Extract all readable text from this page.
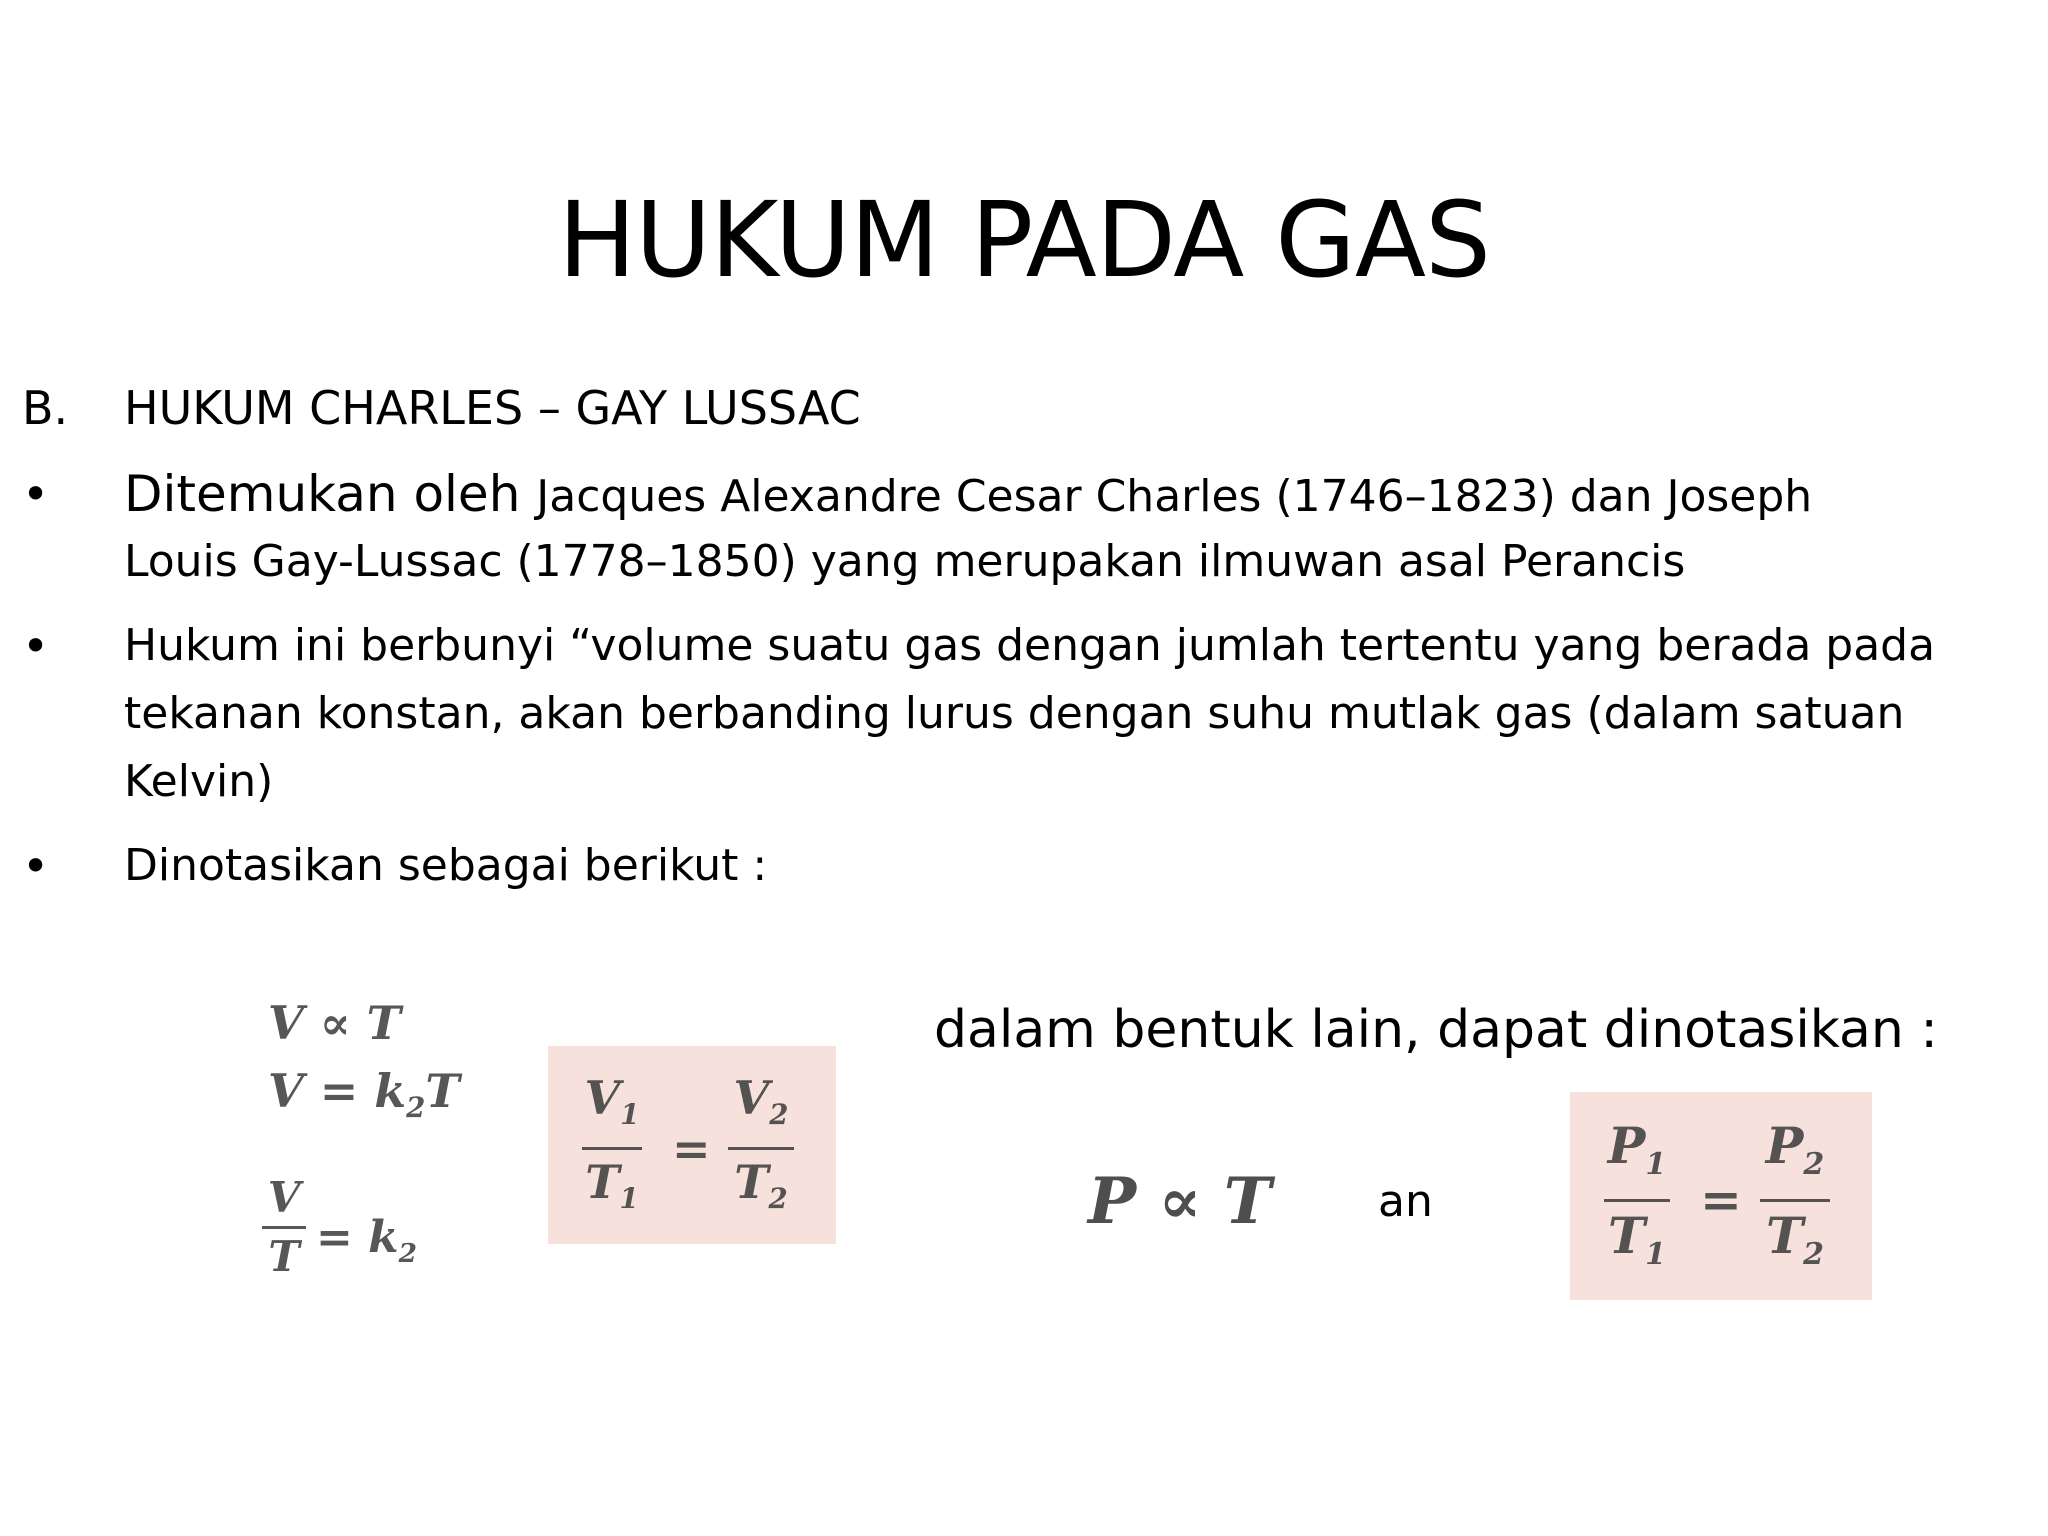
HUKUM PADA GAS
B. HUKUM CHARLES – GAY LUSSAC
• Ditemukan oleh Jacques Alexandre Cesar Charles (1746–1823) dan Joseph
Louis Gay-Lussac (1778–1850) yang merupakan ilmuwan asal Perancis
• Hukum ini berbunyi “volume suatu gas dengan jumlah tertentu yang berada pada
tekanan konstan, akan berbanding lurus dengan suhu mutlak gas (dalam satuan
Kelvin)
• Dinotasikan sebagai berikut :
V ∝ T
$V = k_2T$
V
$T = k_2$
$V_1$
$T_1$
=
$V_2$
$T_2$
dalam bentuk lain, dapat dinotasikan :
P ∝ T an
$P_1$
$T_1$
=
$P_2$
$T_2$
